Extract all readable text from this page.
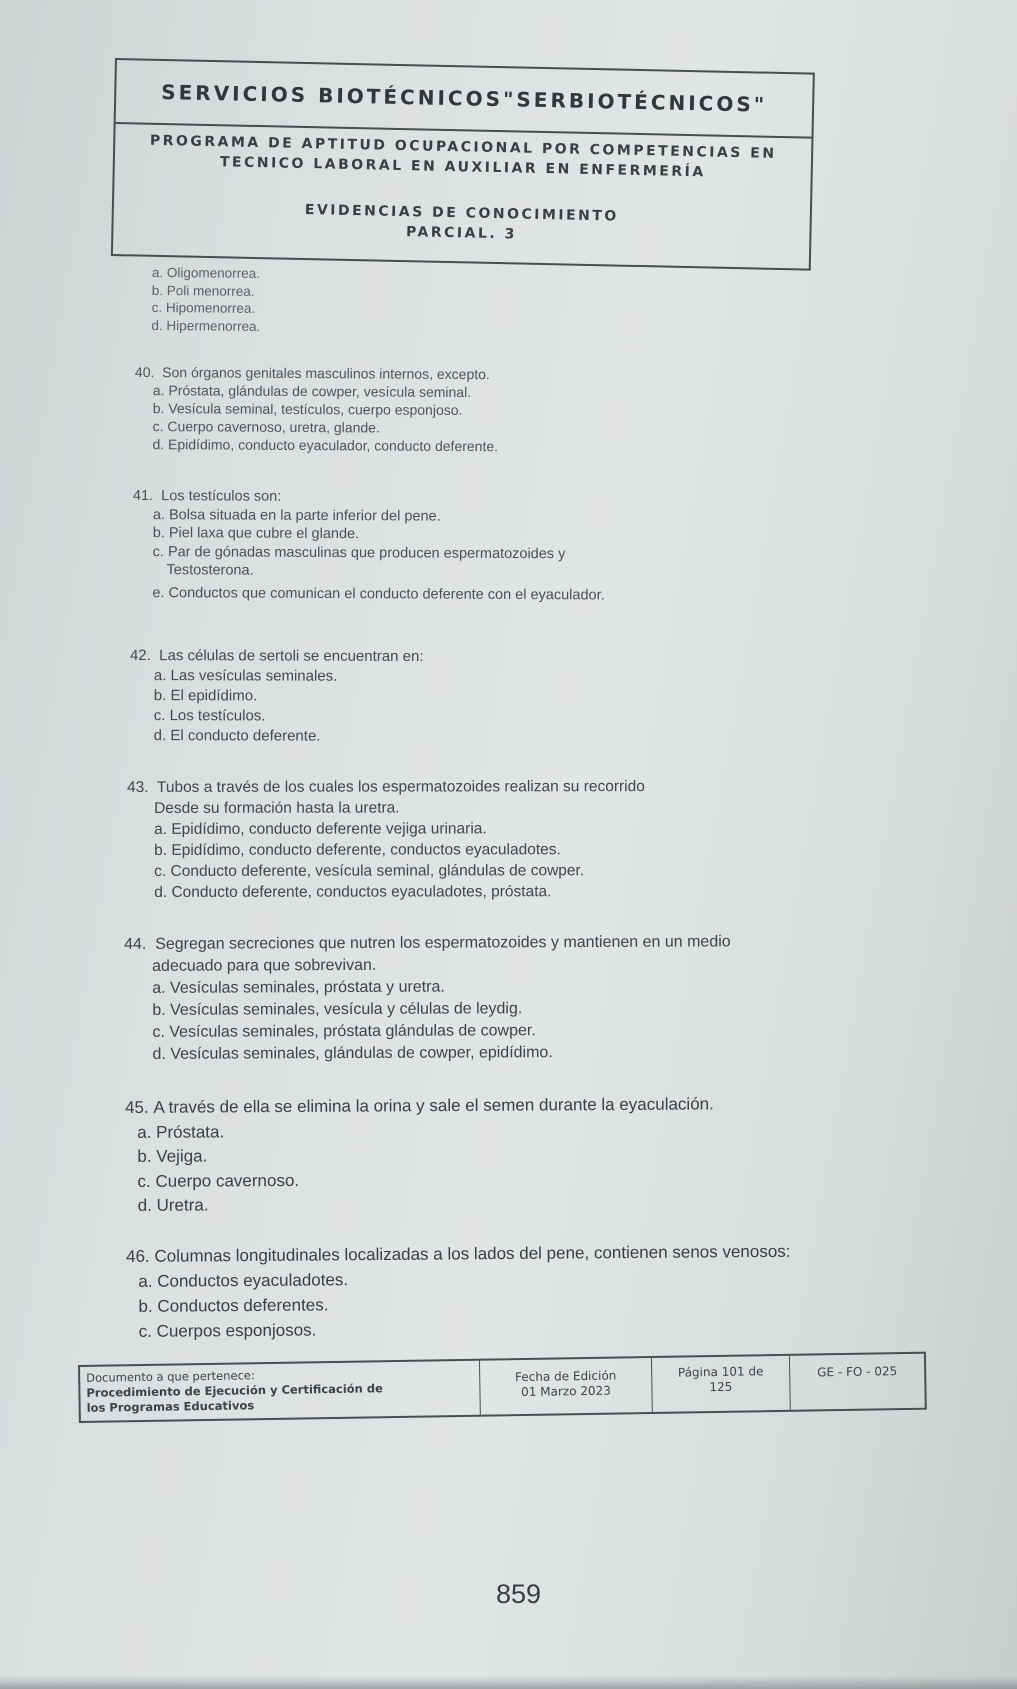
SERVICIOS BIOTÉCNICOS"SERBIOTÉCNICOS"
PROGRAMA DE APTITUD OCUPACIONAL POR COMPETENCIAS EN
TECNICO LABORAL EN AUXILIAR EN ENFERMERÍA
EVIDENCIAS DE CONOCIMIENTO
PARCIAL. 3
a. Oligomenorrea.
b. Poli menorrea.
c. Hipomenorrea.
d. Hipermenorrea.
40. Son órganos genitales masculinos internos, excepto.
a. Próstata, glándulas de cowper, vesícula seminal.
b. Vesícula seminal, testículos, cuerpo esponjoso.
c. Cuerpo cavernoso, uretra, glande.
d. Epidídimo, conducto eyaculador, conducto deferente.
41. Los testículos son:
a. Bolsa situada en la parte inferior del pene.
b. Piel laxa que cubre el glande.
c. Par de gónadas masculinas que producen espermatozoides y
Testosterona.
e. Conductos que comunican el conducto deferente con el eyaculador.
42. Las células de sertoli se encuentran en:
a. Las vesículas seminales.
b. El epidídimo.
c. Los testículos.
d. El conducto deferente.
43. Tubos a través de los cuales los espermatozoides realizan su recorrido
Desde su formación hasta la uretra.
a. Epidídimo, conducto deferente vejiga urinaria.
b. Epidídimo, conducto deferente, conductos eyaculadotes.
c. Conducto deferente, vesícula seminal, glándulas de cowper.
d. Conducto deferente, conductos eyaculadotes, próstata.
44. Segregan secreciones que nutren los espermatozoides y mantienen en un medio
adecuado para que sobrevivan.
a. Vesículas seminales, próstata y uretra.
b. Vesículas seminales, vesícula y células de leydig.
c. Vesículas seminales, próstata glándulas de cowper.
d. Vesículas seminales, glándulas de cowper, epidídimo.
45. A través de ella se elimina la orina y sale el semen durante la eyaculación.
a. Próstata.
b. Vejiga.
c. Cuerpo cavernoso.
d. Uretra.
46. Columnas longitudinales localizadas a los lados del pene, contienen senos venosos:
a. Conductos eyaculadotes.
b. Conductos deferentes.
c. Cuerpos esponjosos.
Documento a que pertenece:
Procedimiento de Ejecución y Certificación de
los Programas Educativos
Fecha de Edición
01 Marzo 2023
Página 101 de
125
GE - FO - 025
859
